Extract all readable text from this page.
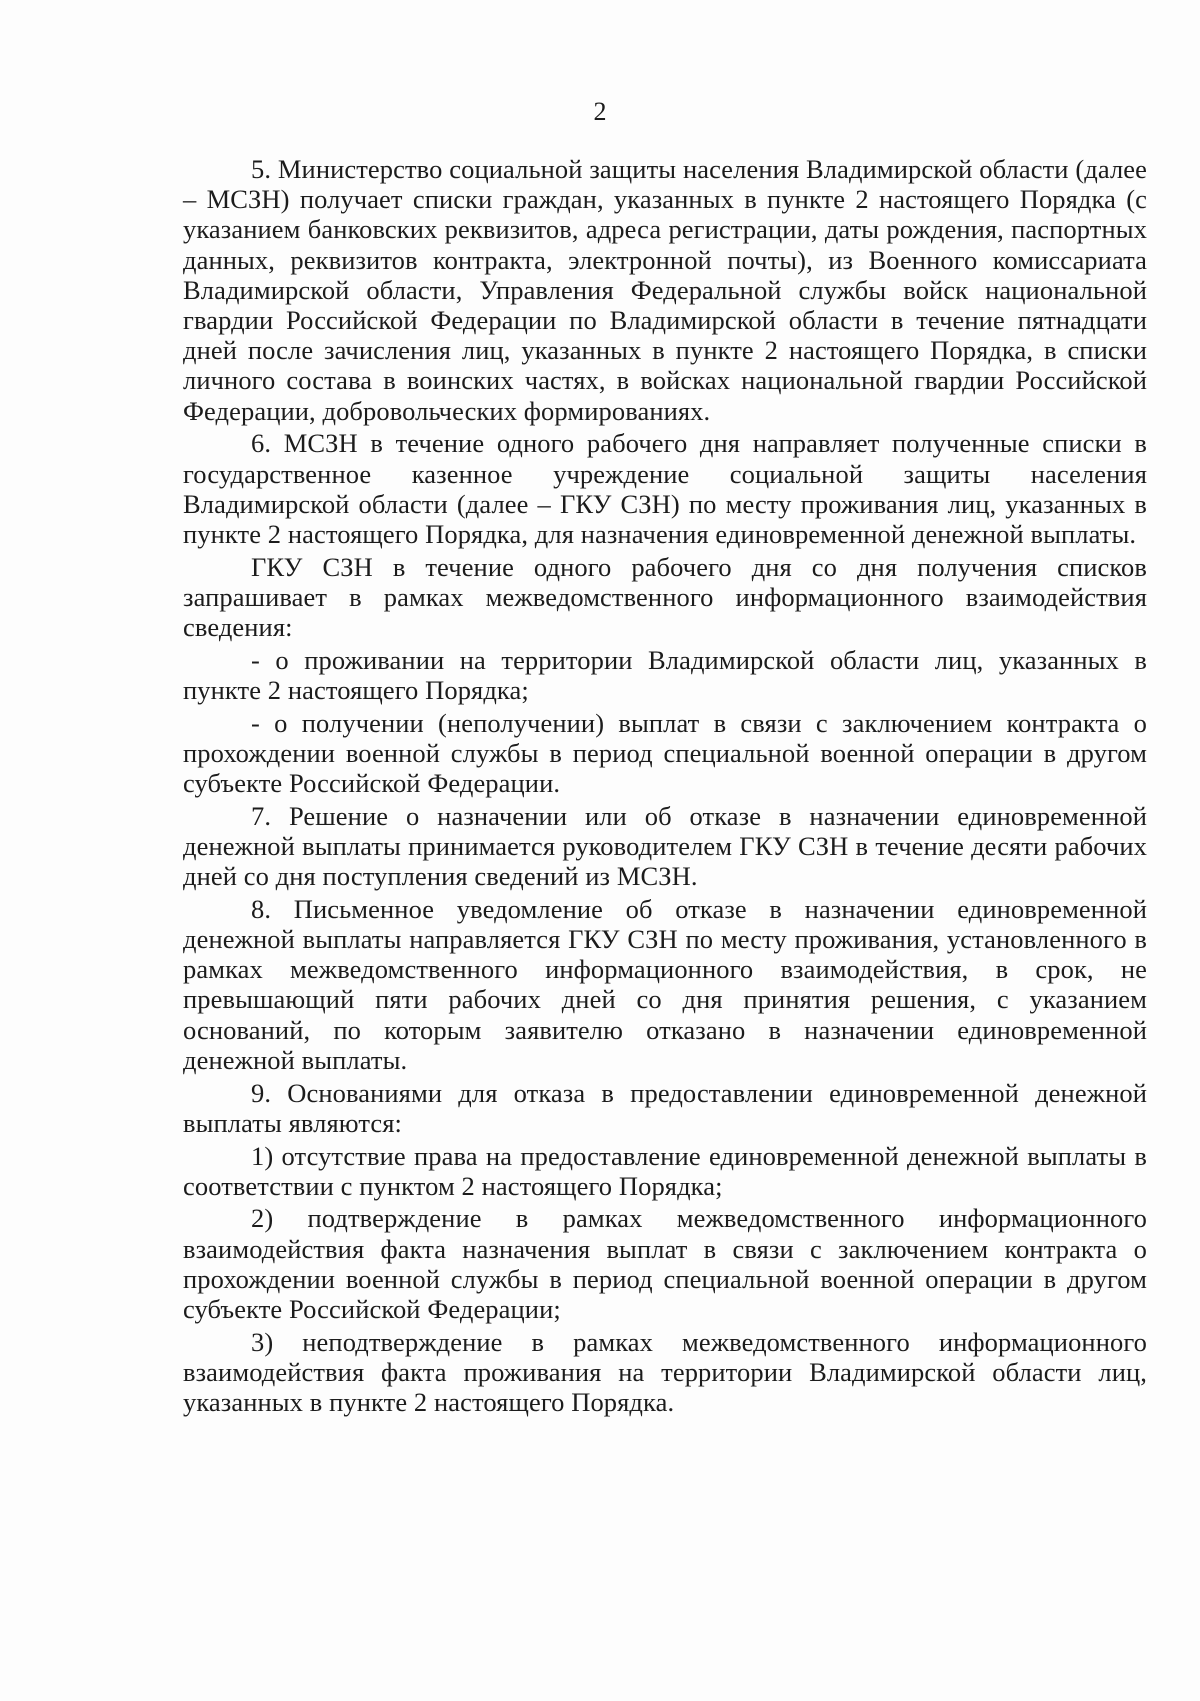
2

5. Министерство социальной защиты населения Владимирской области (далее – МСЗН) получает списки граждан, указанных в пункте 2 настоящего Порядка (с указанием банковских реквизитов, адреса регистрации, даты рождения, паспортных данных, реквизитов контракта, электронной почты), из Военного комиссариата Владимирской области, Управления Федеральной службы войск национальной гвардии Российской Федерации по Владимирской области в течение пятнадцати дней после зачисления лиц, указанных в пункте 2 настоящего Порядка, в списки личного состава в воинских частях, в войсках национальной гвардии Российской Федерации, добровольческих формированиях.

6. МСЗН в течение одного рабочего дня направляет полученные списки в государственное казенное учреждение социальной защиты населения Владимирской области (далее – ГКУ СЗН) по месту проживания лиц, указанных в пункте 2 настоящего Порядка, для назначения единовременной денежной выплаты.

ГКУ СЗН в течение одного рабочего дня со дня получения списков запрашивает в рамках межведомственного информационного взаимодействия сведения:

- о проживании на территории Владимирской области лиц, указанных в пункте 2 настоящего Порядка;

- о получении (неполучении) выплат в связи с заключением контракта о прохождении военной службы в период специальной военной операции в другом субъекте Российской Федерации.

7. Решение о назначении или об отказе в назначении единовременной денежной выплаты принимается руководителем ГКУ СЗН в течение десяти рабочих дней со дня поступления сведений из МСЗН.

8. Письменное уведомление об отказе в назначении единовременной денежной выплаты направляется ГКУ СЗН по месту проживания, установленного в рамках межведомственного информационного взаимодействия, в срок, не превышающий пяти рабочих дней со дня принятия решения, с указанием оснований, по которым заявителю отказано в назначении единовременной денежной выплаты.

9. Основаниями для отказа в предоставлении единовременной денежной выплаты являются:

1) отсутствие права на предоставление единовременной денежной выплаты в соответствии с пунктом 2 настоящего Порядка;

2) подтверждение в рамках межведомственного информационного взаимодействия факта назначения выплат в связи с заключением контракта о прохождении военной службы в период специальной военной операции в другом субъекте Российской Федерации;

3) неподтверждение в рамках межведомственного информационного взаимодействия факта проживания на территории Владимирской области лиц, указанных в пункте 2 настоящего Порядка.
